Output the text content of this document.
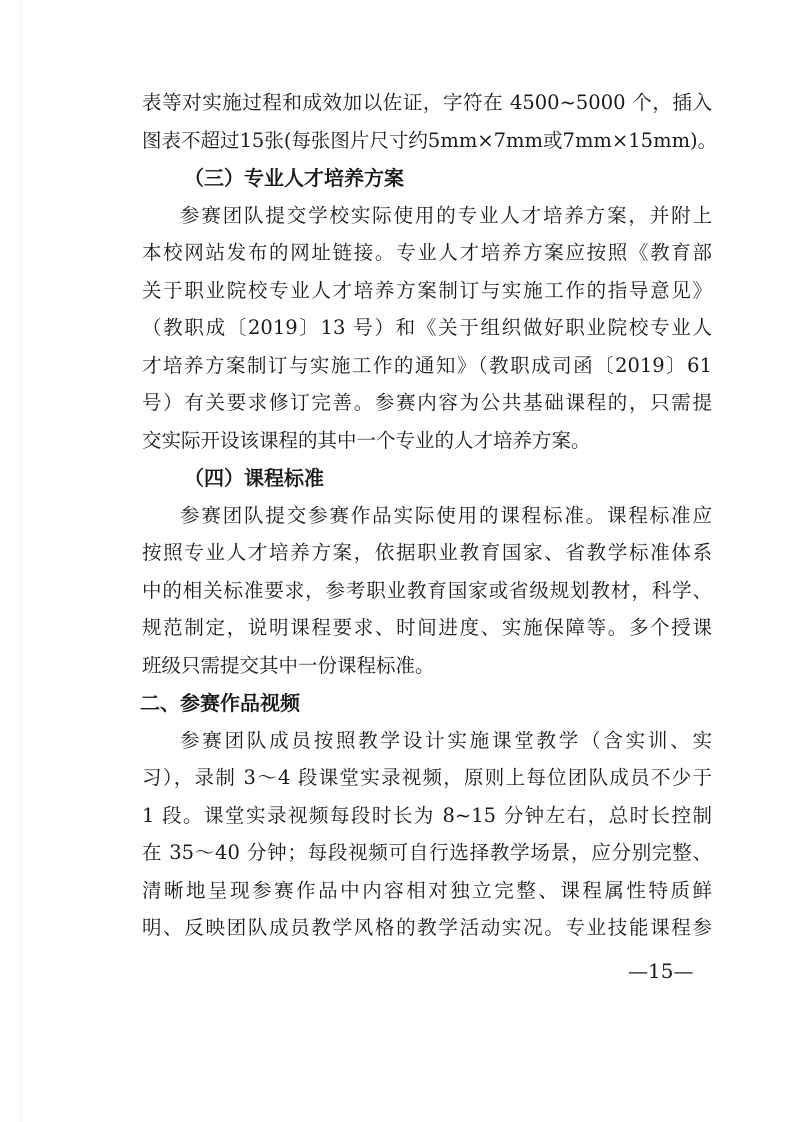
表等对实施过程和成效加以佐证，字符在 4500~5000 个，插入
图表不超过15张(每张图片尺寸约5mm×7mm或7mm×15mm)。
（三）专业人才培养方案
参赛团队提交学校实际使用的专业人才培养方案，并附上
本校网站发布的网址链接。专业人才培养方案应按照《教育部
关于职业院校专业人才培养方案制订与实施工作的指导意见》
（教职成〔2019〕13 号）和《关于组织做好职业院校专业人
才培养方案制订与实施工作的通知》（教职成司函〔2019〕61
号）有关要求修订完善。参赛内容为公共基础课程的，只需提
交实际开设该课程的其中一个专业的人才培养方案。
（四）课程标准
参赛团队提交参赛作品实际使用的课程标准。课程标准应
按照专业人才培养方案，依据职业教育国家、省教学标准体系
中的相关标准要求，参考职业教育国家或省级规划教材，科学、
规范制定，说明课程要求、时间进度、实施保障等。多个授课
班级只需提交其中一份课程标准。
二、参赛作品视频
参赛团队成员按照教学设计实施课堂教学（含实训、实
习），录制 3～4 段课堂实录视频，原则上每位团队成员不少于
1 段。课堂实录视频每段时长为 8~15 分钟左右，总时长控制
在 35～40 分钟；每段视频可自行选择教学场景，应分别完整、
清晰地呈现参赛作品中内容相对独立完整、课程属性特质鲜
明、反映团队成员教学风格的教学活动实况。专业技能课程参
—15—
